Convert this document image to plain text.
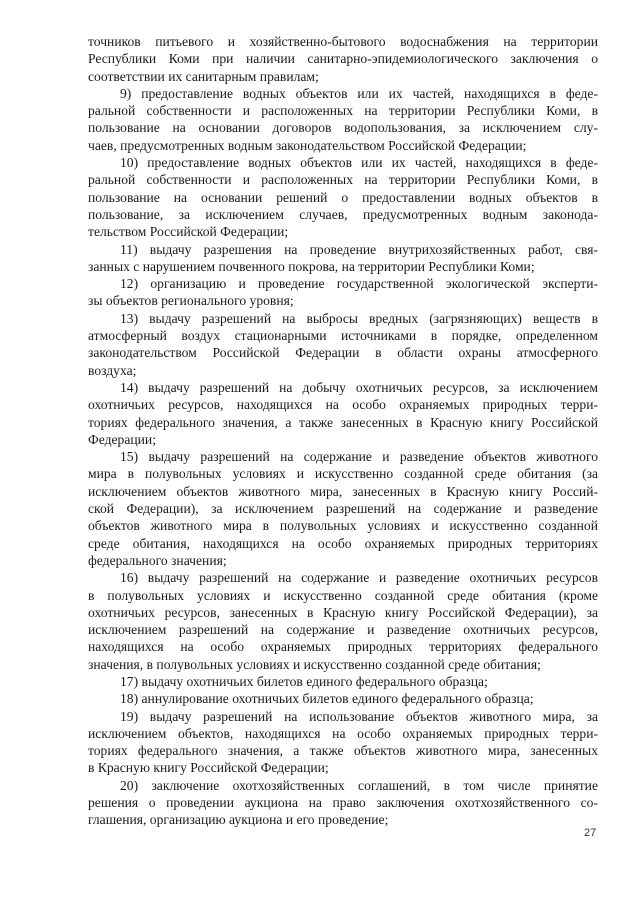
точников питьевого и хозяйственно-бытового водоснабжения на территории
Республики Коми при наличии санитарно-эпидемиологического заключения о
соответствии их санитарным правилам;
9) предоставление водных объектов или их частей, находящихся в феде-
ральной собственности и расположенных на территории Республики Коми, в
пользование на основании договоров водопользования, за исключением слу-
чаев, предусмотренных водным законодательством Российской Федерации;
10) предоставление водных объектов или их частей, находящихся в феде-
ральной собственности и расположенных на территории Республики Коми, в
пользование на основании решений о предоставлении водных объектов в
пользование, за исключением случаев, предусмотренных водным законода-
тельством Российской Федерации;
11) выдачу разрешения на проведение внутрихозяйственных работ, свя-
занных с нарушением почвенного покрова, на территории Республики Коми;
12) организацию и проведение государственной экологической эксперти-
зы объектов регионального уровня;
13) выдачу разрешений на выбросы вредных (загрязняющих) веществ в
атмосферный воздух стационарными источниками в порядке, определенном
законодательством Российской Федерации в области охраны атмосферного
воздуха;
14) выдачу разрешений на добычу охотничьих ресурсов, за исключением
охотничьих ресурсов, находящихся на особо охраняемых природных терри-
ториях федерального значения, а также занесенных в Красную книгу Российской
Федерации;
15) выдачу разрешений на содержание и разведение объектов животного
мира в полувольных условиях и искусственно созданной среде обитания (за
исключением объектов животного мира, занесенных в Красную книгу Россий-
ской Федерации), за исключением разрешений на содержание и разведение
объектов животного мира в полувольных условиях и искусственно созданной
среде обитания, находящихся на особо охраняемых природных территориях
федерального значения;
16) выдачу разрешений на содержание и разведение охотничьих ресурсов
в полувольных условиях и искусственно созданной среде обитания (кроме
охотничьих ресурсов, занесенных в Красную книгу Российской Федерации), за
исключением разрешений на содержание и разведение охотничьих ресурсов,
находящихся на особо охраняемых природных территориях федерального
значения, в полувольных условиях и искусственно созданной среде обитания;
17) выдачу охотничьих билетов единого федерального образца;
18) аннулирование охотничьих билетов единого федерального образца;
19) выдачу разрешений на использование объектов животного мира, за
исключением объектов, находящихся на особо охраняемых природных терри-
ториях федерального значения, а также объектов животного мира, занесенных
в Красную книгу Российской Федерации;
20) заключение охотхозяйственных соглашений, в том числе принятие
решения о проведении аукциона на право заключения охотхозяйственного со-
глашения, организацию аукциона и его проведение;
27
